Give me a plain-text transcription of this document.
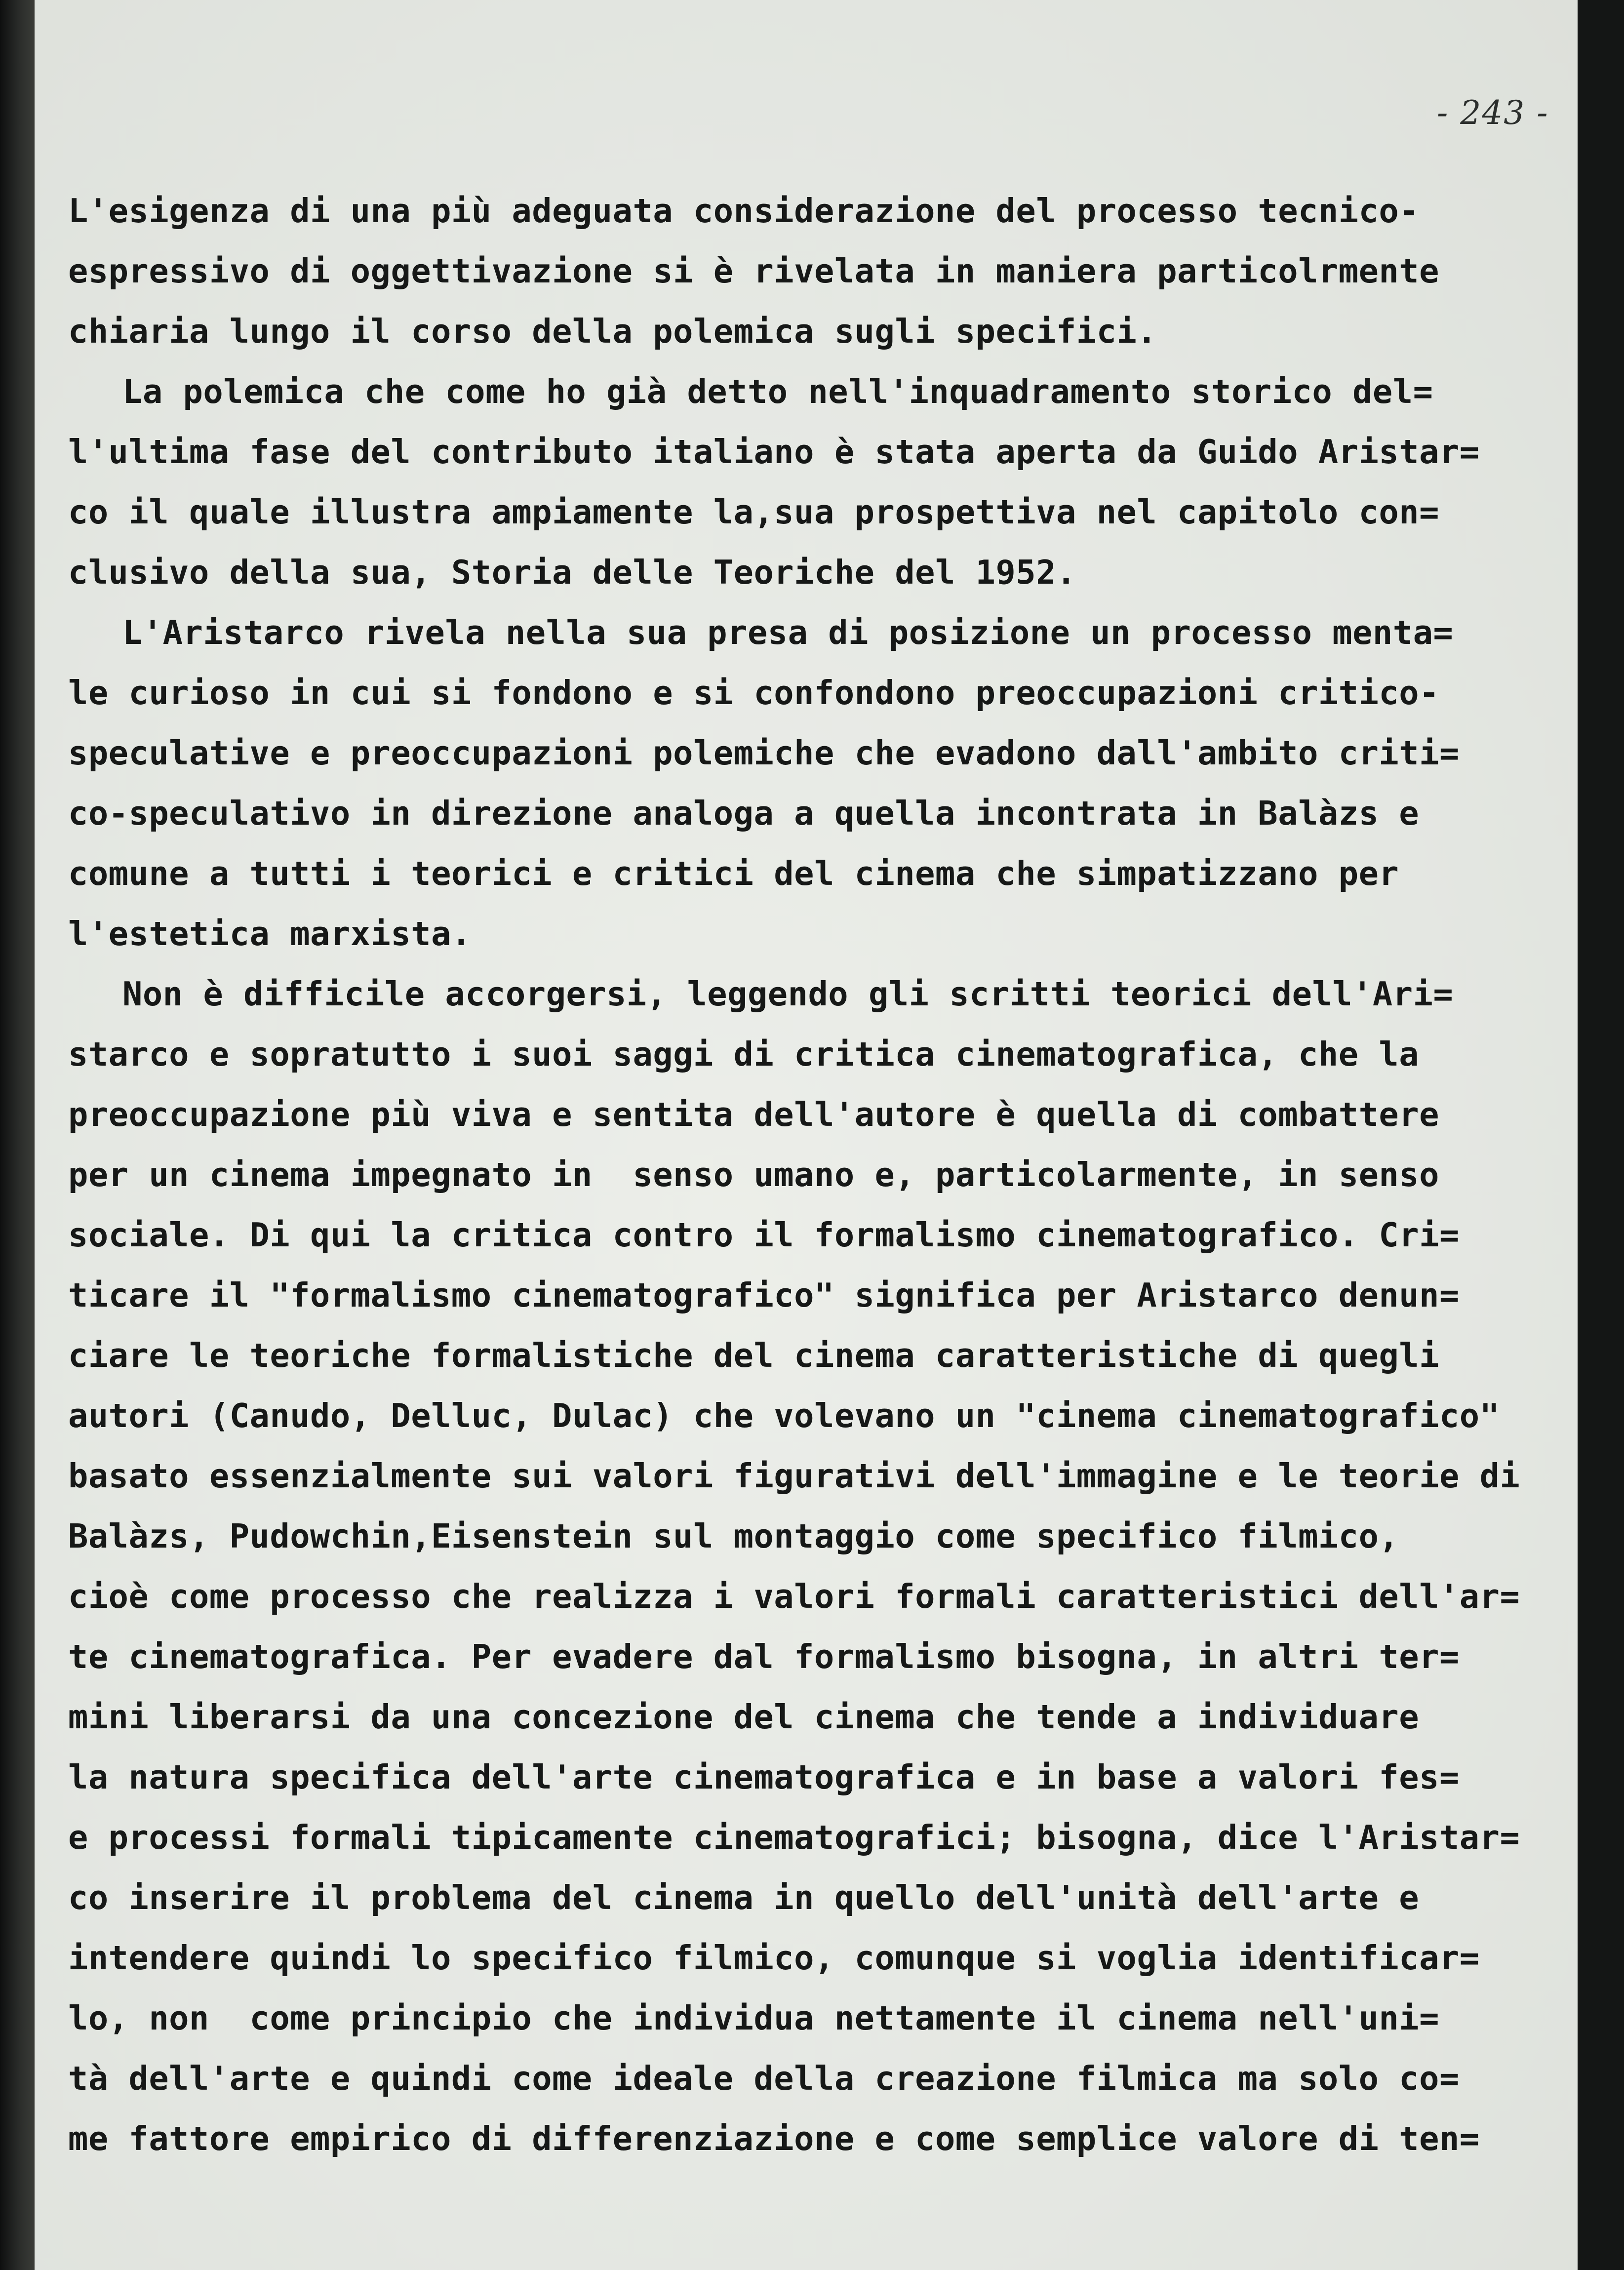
- 243 -

L'esigenza di una più adeguata considerazione del processo tecnico-

espressivo di oggettivazione si è rivelata in maniera particolrmente

chiaria lungo il corso della polemica sugli specifici.

La polemica che come ho già detto nell'inquadramento storico del=

l'ultima fase del contributo italiano è stata aperta da Guido Aristar=

co il quale illustra ampiamente la,sua prospettiva nel capitolo con=

clusivo della sua, Storia delle Teoriche del 1952.

L'Aristarco rivela nella sua presa di posizione un processo menta=

le curioso in cui si fondono e si confondono preoccupazioni critico-

speculative e preoccupazioni polemiche che evadono dall'ambito criti=

co-speculativo in direzione analoga a quella incontrata in Balàzs e

comune a tutti i teorici e critici del cinema che simpatizzano per

l'estetica marxista.

Non è difficile accorgersi, leggendo gli scritti teorici dell'Ari=

starco e sopratutto i suoi saggi di critica cinematografica, che la

preoccupazione più viva e sentita dell'autore è quella di combattere

per un cinema impegnato in  senso umano e, particolarmente, in senso

sociale. Di qui la critica contro il formalismo cinematografico. Cri=

ticare il "formalismo cinematografico" significa per Aristarco denun=

ciare le teoriche formalistiche del cinema caratteristiche di quegli

autori (Canudo, Delluc, Dulac) che volevano un "cinema cinematografico"

basato essenzialmente sui valori figurativi dell'immagine e le teorie di

Balàzs, Pudowchin,Eisenstein sul montaggio come specifico filmico,

cioè come processo che realizza i valori formali caratteristici dell'ar=

te cinematografica. Per evadere dal formalismo bisogna, in altri ter=

mini liberarsi da una concezione del cinema che tende a individuare

la natura specifica dell'arte cinematografica e in base a valori fes=

e processi formali tipicamente cinematografici; bisogna, dice l'Aristar=

co inserire il problema del cinema in quello dell'unità dell'arte e

intendere quindi lo specifico filmico, comunque si voglia identificar=

lo, non  come principio che individua nettamente il cinema nell'uni=

tà dell'arte e quindi come ideale della creazione filmica ma solo co=

me fattore empirico di differenziazione e come semplice valore di ten=
